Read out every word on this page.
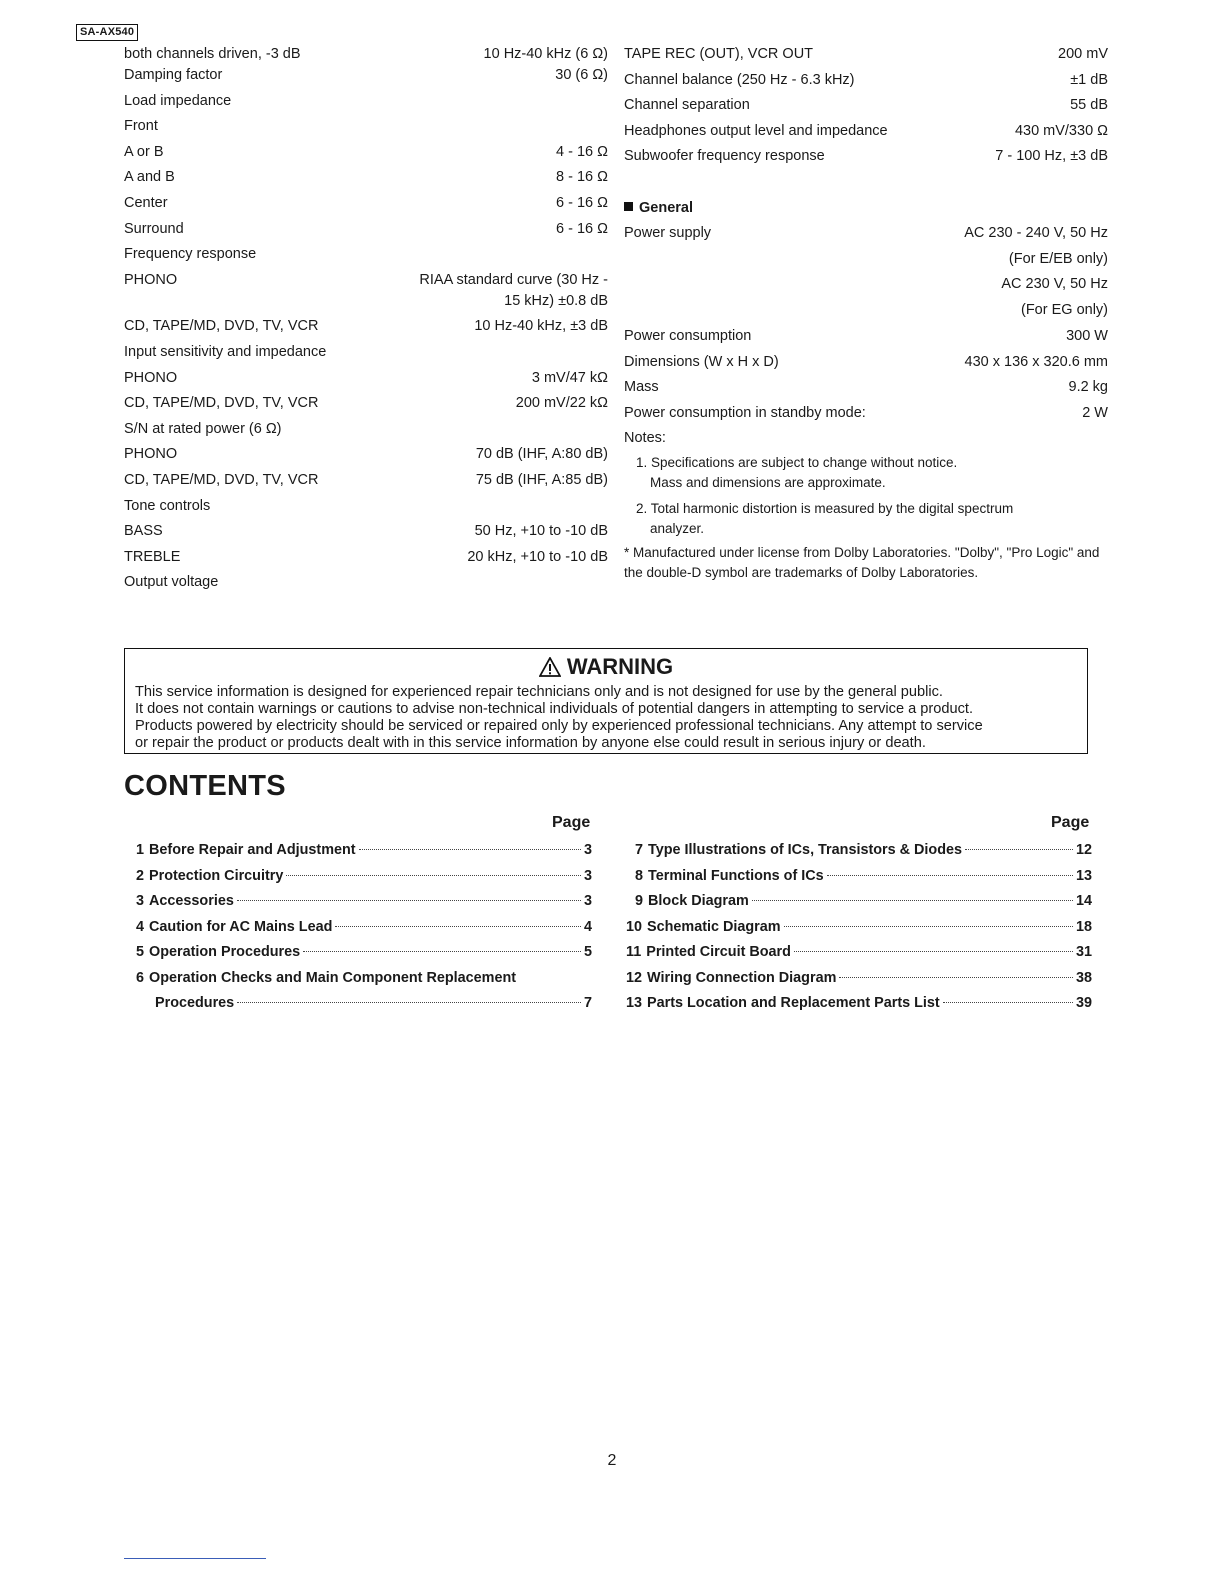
SA-AX540
both channels driven, -3 dB	10 Hz-40 kHz (6 Ω)
Damping factor	30 (6 Ω)
Load impedance
Front
A or B	4 - 16 Ω
A and B	8 - 16 Ω
Center	6 - 16 Ω
Surround	6 - 16 Ω
Frequency response
PHONO	RIAA standard curve (30 Hz -
15 kHz) ±0.8 dB
CD, TAPE/MD, DVD, TV, VCR	10 Hz-40 kHz, ±3 dB
Input sensitivity and impedance
PHONO	3 mV/47 kΩ
CD, TAPE/MD, DVD, TV, VCR	200 mV/22 kΩ
S/N at rated power (6 Ω)
PHONO	70 dB (IHF, A:80 dB)
CD, TAPE/MD, DVD, TV, VCR	75 dB (IHF, A:85 dB)
Tone controls
BASS	50 Hz, +10 to -10 dB
TREBLE	20 kHz, +10 to -10 dB
Output voltage
TAPE REC (OUT), VCR OUT	200 mV
Channel balance (250 Hz - 6.3 kHz)	±1 dB
Channel separation	55 dB
Headphones output level and impedance	430 mV/330 Ω
Subwoofer frequency response	7 - 100 Hz, ±3 dB
General
Power supply	AC 230 - 240 V, 50 Hz
(For E/EB only)
AC 230 V, 50 Hz
(For EG only)
Power consumption	300 W
Dimensions (W x H x D)	430 x 136 x 320.6 mm
Mass	9.2 kg
Power consumption in standby mode:	2 W
Notes:
1. Specifications are subject to change without notice.
Mass and dimensions are approximate.
2. Total harmonic distortion is measured by the digital spectrum
analyzer.
* Manufactured under license from Dolby Laboratories. "Dolby", "Pro Logic" and the double-D symbol are trademarks of Dolby Laboratories.
WARNING
This service information is designed for experienced repair technicians only and is not designed for use by the general public.
It does not contain warnings or cautions to advise non-technical individuals of potential dangers in attempting to service a product.
Products powered by electricity should be serviced or repaired only by experienced professional technicians. Any attempt to service
or repair the product or products dealt with in this service information by anyone else could result in serious injury or death.
CONTENTS
Page	Page
1 Before Repair and Adjustment	3
2 Protection Circuitry	3
3 Accessories	3
4 Caution for AC Mains Lead	4
5 Operation Procedures	5
6 Operation Checks and Main Component Replacement
Procedures	7
7 Type Illustrations of ICs, Transistors & Diodes	12
8 Terminal Functions of ICs	13
9 Block Diagram	14
10 Schematic Diagram	18
11 Printed Circuit Board	31
12 Wiring Connection Diagram	38
13 Parts Location and Replacement Parts List	39
2
